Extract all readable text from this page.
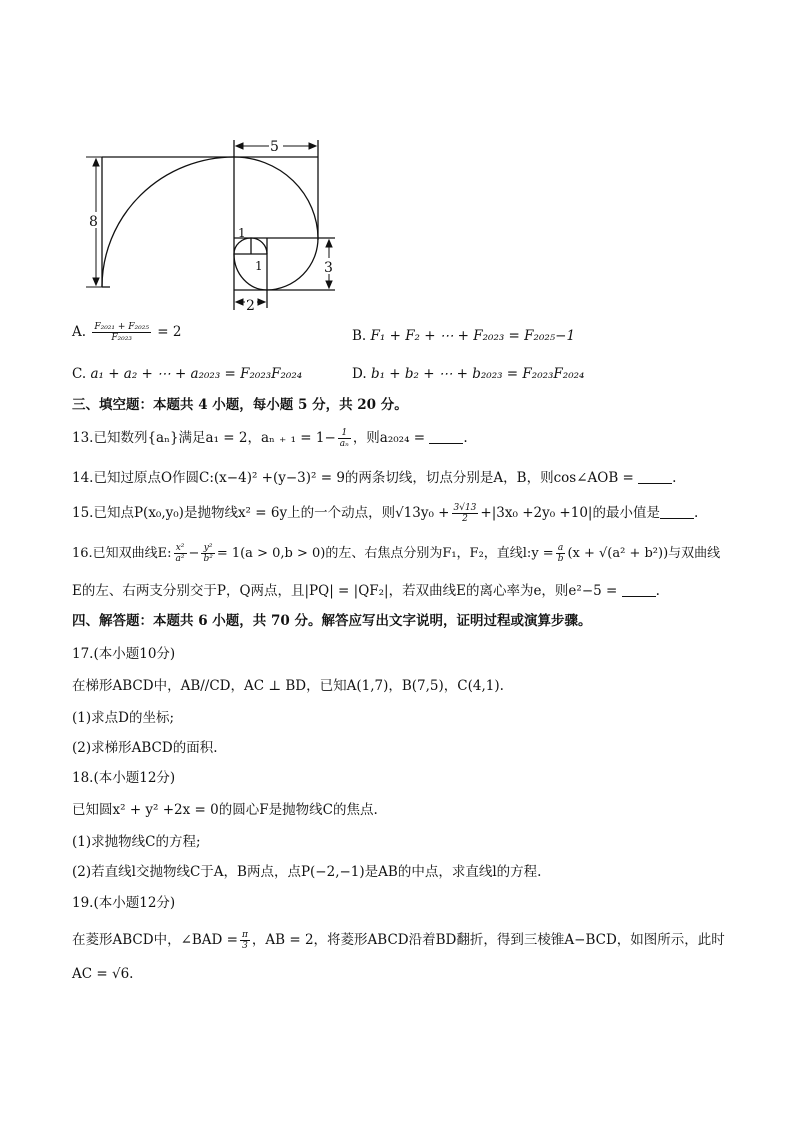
5
8
3
2
1
1
A. $\frac{\text{F₂₀₂₁ + F₂₀₂₅}}{\text{F₂₀₂₃}} = 2$	B. F₁ + F₂ + ⋯ + F₂₀₂₃ = F₂₀₂₅−1
C. a₁ + a₂ + ⋯ + a₂₀₂₃ = F₂₀₂₃F₂₀₂₄	D. b₁ + b₂ + ⋯ + b₂₀₂₃ = F₂₀₂₃F₂₀₂₄
三、填空题：本题共 4 小题，每小题 5 分，共 20 分。
13.已知数列{aₙ}满足a₁ = 2，aₙ ₊ $_1 = 1- \frac{1}{\text{aₙ}}$ ，则a₂₀₂₄ =	.
14.已知过原点O作圆C:(x−4)² +(y−3)² = 9的两条切线，切点分别是A，B，则cos∠AOB =	.
15.已知点P(x₀,y₀)是抛物线x² = 6y上的一个动点，则$√13y_0 + \frac{3√13}{2} +|3x_0 +2y_0 +10|$的最小值是	.
16.已知双曲线E: $\frac{\text{x²}}{\text{a²}} - \frac{\text{y²}}{\text{b²}} = 1(a > 0,b > 0)$的左、右焦点分别为F₁，F₂，直线l:y = $\frac{a}{b} (x + √(a^2 + b^2))$与双曲线
E的左、右两支分别交于P，Q两点，且|PQ| = |QF₂|，若双曲线E的离心率为e，则e²−5 =	.
四、解答题：本题共 6 小题，共 70 分。解答应写出文字说明，证明过程或演算步骤。
17.(本小题10分)
在梯形ABCD中，AB//CD，AC ⊥ BD，已知A(1,7)，B(7,5)，C(4,1).
(1)求点D的坐标;
(2)求梯形ABCD的面积.
18.(本小题12分)
已知圆x² + y² +2x = 0的圆心F是抛物线C的焦点.
(1)求抛物线C的方程;
(2)若直线l交抛物线C于A，B两点，点P(−2,−1)是AB的中点，求直线l的方程.
19.(本小题12分)
在菱形ABCD中，∠BAD = $\frac{\pi}{3}$ ，AB = 2，将菱形ABCD沿着BD翻折，得到三棱锥A−BCD，如图所示，此时
AC = √6.
